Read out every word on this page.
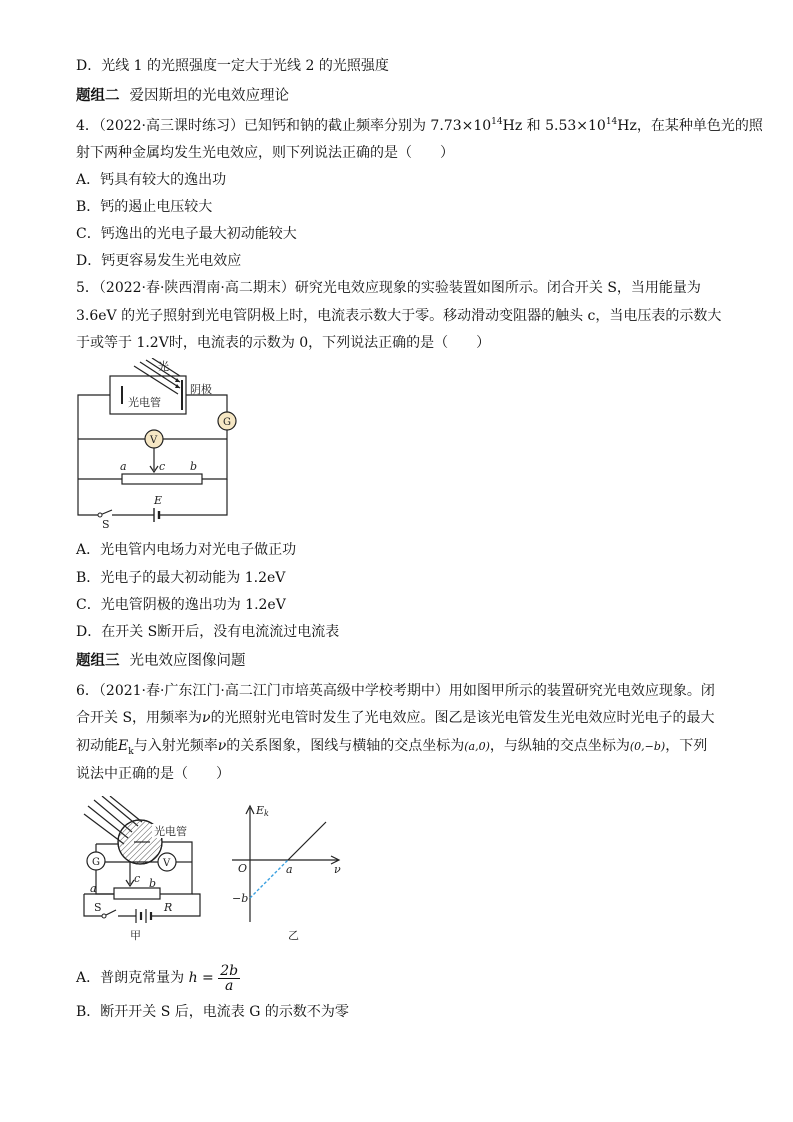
D．光线 1 的光照强度一定大于光线 2 的光照强度
题组二 爱因斯坦的光电效应理论
4．（2022·高三课时练习）已知钙和钠的截止频率分别为 $7.73\times 10^{14}Hz$ 和 $5.53\times 10^{14}Hz$，在某种单色光的照
射下两种金属均发生光电效应，则下列说法正确的是（　　）
A．钙具有较大的逸出功
B．钙的遏止电压较大
C．钙逸出的光电子最大初动能较大
D．钙更容易发生光电效应
5．（2022·春·陕西渭南·高二期末）研究光电效应现象的实验装置如图所示。闭合开关 S，当用能量为
3.6eV 的光子照射到光电管阴极上时，电流表示数大于零。移动滑动变阻器的触头 c，当电压表的示数大
于或等于 1.2V时，电流表的示数为 0，下列说法正确的是（　　）
光
阴极
光电管
G
V
a	c b
E
S
A．光电管内电场力对光电子做正功
B．光电子的最大初动能为 1.2eV
C．光电管阴极的逸出功为 1.2eV
D．在开关 S断开后，没有电流流过电流表
题组三 光电效应图像问题
6．（2021·春·广东江门·高二江门市培英高级中学校考期中）用如图甲所示的装置研究光电效应现象。闭
合开关 S，用频率为ν的光照射光电管时发生了光电效应。图乙是该光电管发生光电效应时光电子的最大
初动能$E_k$与入射光频率ν的关系图象，图线与横轴的交点坐标为(a,0)，与纵轴的交点坐标为(0,−b)，下列
说法中正确的是（　　）
光电管
G	V
a
c b
S	R
甲
Ek
O	a	ν
−b
乙
A．普朗克常量为 $h = \frac{2b}{a}$
B．断开开关 S 后，电流表 G 的示数不为零
